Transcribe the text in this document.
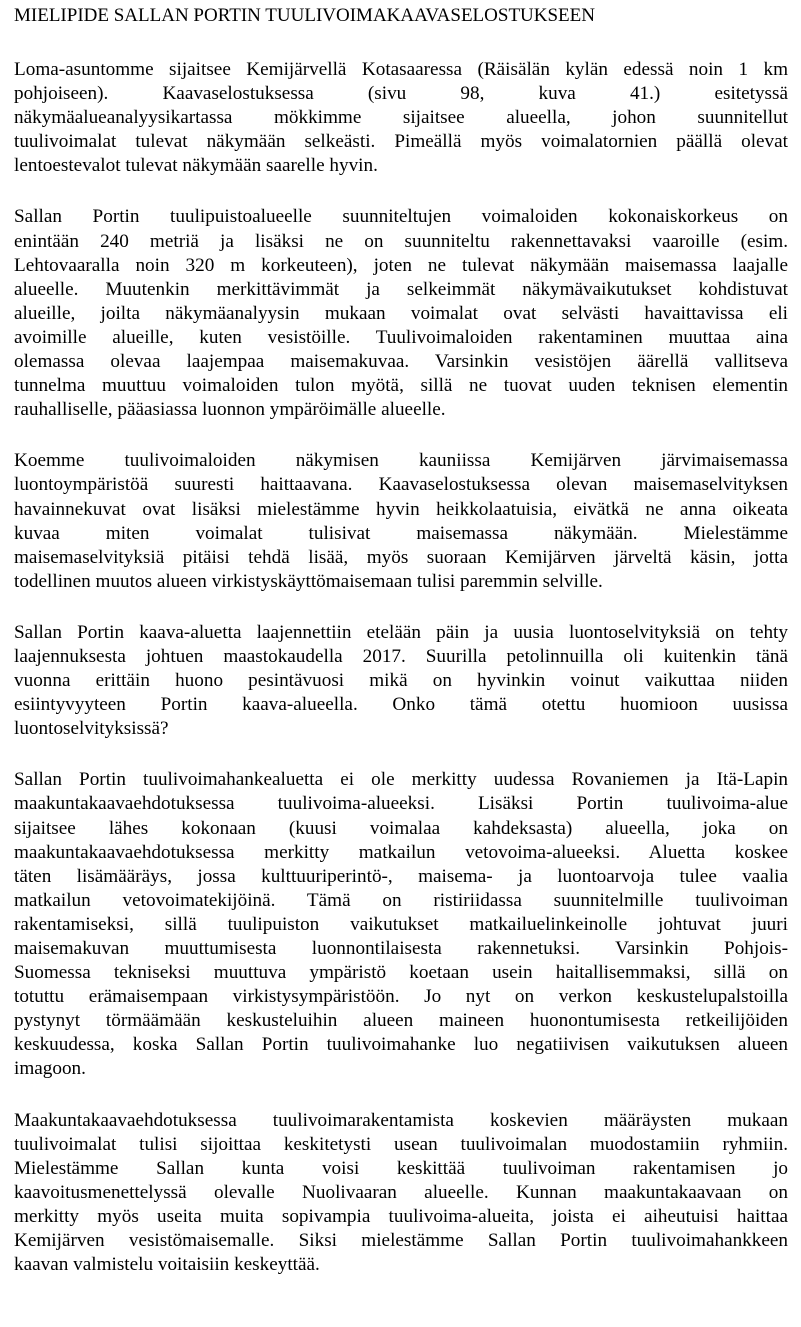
MIELIPIDE SALLAN PORTIN TUULIVOIMAKAAVASELOSTUKSEEN
Loma-asuntomme sijaitsee Kemijärvellä Kotasaaressa (Räisälän kylän edessä noin 1 km
pohjoiseen). Kaavaselostuksessa (sivu 98, kuva 41.) esitetyssä
näkymäalueanalyysikartassa mökkimme sijaitsee alueella, johon suunnitellut
tuulivoimalat tulevat näkymään selkeästi. Pimeällä myös voimalatornien päällä olevat
lentoestevalot tulevat näkymään saarelle hyvin.
Sallan Portin tuulipuistoalueelle suunniteltujen voimaloiden kokonaiskorkeus on
enintään 240 metriä ja lisäksi ne on suunniteltu rakennettavaksi vaaroille (esim.
Lehtovaaralla noin 320 m korkeuteen), joten ne tulevat näkymään maisemassa laajalle
alueelle. Muutenkin merkittävimmät ja selkeimmät näkymävaikutukset kohdistuvat
alueille, joilta näkymäanalyysin mukaan voimalat ovat selvästi havaittavissa eli
avoimille alueille, kuten vesistöille. Tuulivoimaloiden rakentaminen muuttaa aina
olemassa olevaa laajempaa maisemakuvaa. Varsinkin vesistöjen äärellä vallitseva
tunnelma muuttuu voimaloiden tulon myötä, sillä ne tuovat uuden teknisen elementin
rauhalliselle, pääasiassa luonnon ympäröimälle alueelle.
Koemme tuulivoimaloiden näkymisen kauniissa Kemijärven järvimaisemassa
luontoympäristöä suuresti haittaavana. Kaavaselostuksessa olevan maisemaselvityksen
havainnekuvat ovat lisäksi mielestämme hyvin heikkolaatuisia, eivätkä ne anna oikeata
kuvaa miten voimalat tulisivat maisemassa näkymään. Mielestämme
maisemaselvityksiä pitäisi tehdä lisää, myös suoraan Kemijärven järveltä käsin, jotta
todellinen muutos alueen virkistyskäyttömaisemaan tulisi paremmin selville.
Sallan Portin kaava-aluetta laajennettiin etelään päin ja uusia luontoselvityksiä on tehty
laajennuksesta johtuen maastokaudella 2017. Suurilla petolinnuilla oli kuitenkin tänä
vuonna erittäin huono pesintävuosi mikä on hyvinkin voinut vaikuttaa niiden
esiintyvyyteen Portin kaava-alueella. Onko tämä otettu huomioon uusissa
luontoselvityksissä?
Sallan Portin tuulivoimahankealuetta ei ole merkitty uudessa Rovaniemen ja Itä-Lapin
maakuntakaavaehdotuksessa tuulivoima-alueeksi. Lisäksi Portin tuulivoima-alue
sijaitsee lähes kokonaan (kuusi voimalaa kahdeksasta) alueella, joka on
maakuntakaavaehdotuksessa merkitty matkailun vetovoima-alueeksi. Aluetta koskee
täten lisämääräys, jossa kulttuuriperintö-, maisema- ja luontoarvoja tulee vaalia
matkailun vetovoimatekijöinä. Tämä on ristiriidassa suunnitelmille tuulivoiman
rakentamiseksi, sillä tuulipuiston vaikutukset matkailuelinkeinolle johtuvat juuri
maisemakuvan muuttumisesta luonnontilaisesta rakennetuksi. Varsinkin Pohjois-
Suomessa tekniseksi muuttuva ympäristö koetaan usein haitallisemmaksi, sillä on
totuttu erämaisempaan virkistysympäristöön. Jo nyt on verkon keskustelupalstoilla
pystynyt törmäämään keskusteluihin alueen maineen huonontumisesta retkeilijöiden
keskuudessa, koska Sallan Portin tuulivoimahanke luo negatiivisen vaikutuksen alueen
imagoon.
Maakuntakaavaehdotuksessa tuulivoimarakentamista koskevien määräysten mukaan
tuulivoimalat tulisi sijoittaa keskitetysti usean tuulivoimalan muodostamiin ryhmiin.
Mielestämme Sallan kunta voisi keskittää tuulivoiman rakentamisen jo
kaavoitusmenettelyssä olevalle Nuolivaaran alueelle. Kunnan maakuntakaavaan on
merkitty myös useita muita sopivampia tuulivoima-alueita, joista ei aiheutuisi haittaa
Kemijärven vesistömaisemalle. Siksi mielestämme Sallan Portin tuulivoimahankkeen
kaavan valmistelu voitaisiin keskeyttää.
